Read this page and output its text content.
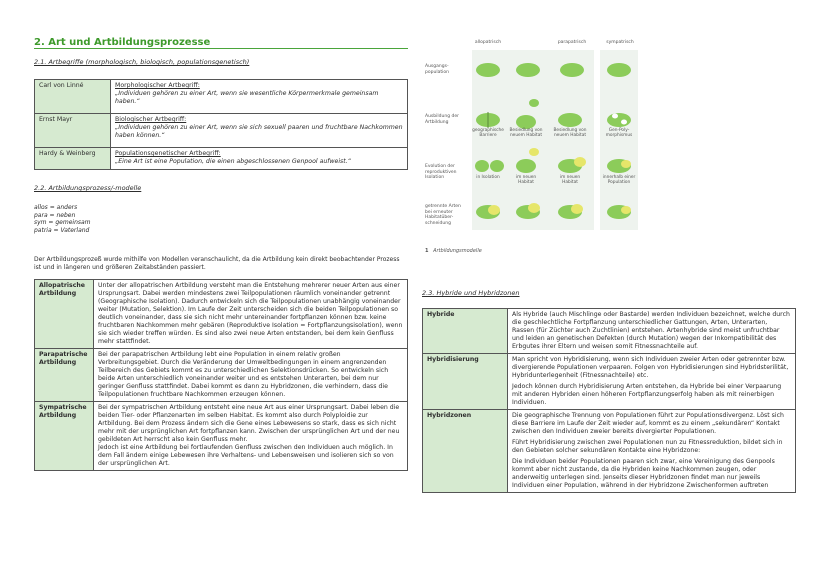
2. Art und Artbildungsprozesse
2.1. Artbegriffe (morphologisch, biologisch, populationsgenetisch)
Carl von Linné	Morphologischer Artbegriff:
„Individuen gehören zu einer Art, wenn sie wesentliche Körpermerkmale gemeinsam haben.“

Ernst Mayr	Biologischer Artbegriff:
„Individuen gehören zu einer Art, wenn sie sich sexuell paaren und fruchtbare Nachkommen haben können.“

Hardy & Weinberg	Populationsgenetischer Artbegriff:
„Eine Art ist eine Population, die einen abgeschlossenen Genpool aufweist.“
2.2. Artbildungsprozess/-modelle
allos = anders
para = neben
sym = gemeinsam
patria = Vaterland
Der Artbildungsprozeß wurde mithilfe von Modellen veranschaulicht, da die Artbildung kein direkt beobachtender Prozess ist und in längeren und größeren Zeitabständen passiert.
Allopatrische Artbildung	Unter der allopatrischen Artbildung versteht man die Entstehung mehrerer neuer Arten aus einer Ursprungsart. Dabei werden mindestens zwei Teilpopulationen räumlich voneinander getrennt (Geographische Isolation). Dadurch entwickeln sich die Teilpopulationen unabhängig voneinander weiter (Mutation, Selektion). Im Laufe der Zeit unterscheiden sich die beiden Teilpopulationen so deutlich voneinander, dass sie sich nicht mehr untereinander fortpflanzen können bzw. keine fruchtbaren Nachkommen mehr gebären (Reproduktive Isolation = Fortpflanzungsisolation), wenn sie sich wieder treffen würden. Es sind also zwei neue Arten entstanden, bei dem kein Genfluss mehr stattfindet.
Parapatrische Artbildung	Bei der parapatrischen Artbildung lebt eine Population in einem relativ großen Verbreitungsgebiet. Durch die Veränderung der Umweltbedingungen in einem angrenzenden Teilbereich des Gebiets kommt es zu unterschiedlichen Selektionsdrücken. So entwickeln sich beide Arten unterschiedlich voneinander weiter und es entstehen Unterarten, bei dem nur geringer Genfluss stattfindet. Dabei kommt es dann zu Hybridzonen, die verhindern, dass die Teilpopulationen fruchtbare Nachkommen erzeugen können.
Sympatrische Artbildung	Bei der sympatrischen Artbildung entsteht eine neue Art aus einer Ursprungsart. Dabei leben die beiden Tier- oder Pflanzenarten im selben Habitat. Es kommt also durch Polyploidie zur Artbildung. Bei dem Prozess ändern sich die Gene eines Lebewesens so stark, dass es sich nicht mehr mit der ursprünglichen Art fortpflanzen kann. Zwischen der ursprünglichen Art und der neu gebildeten Art herrscht also kein Genfluss mehr.
Jedoch ist eine Artbildung bei fortlaufenden Genfluss zwischen den Individuen auch möglich. In dem Fall ändern einige Lebewesen ihre Verhaltens- und Lebensweisen und isolieren sich so von der ursprünglichen Art.
allopatrisch	parapatrisch	sympatrisch
Ausgangs-population
Ausbildung der Artbildung
Evolution der reproduktiven Isolation
getrennte Arten bei erneuter Habitatüber-schneidung
geographische Barriere
Besiedlung von neuem Habitat
Besiedlung von neuem Habitat
Gen-Poly-morphismus
in Isolation	im neuen Habitat
im neuen Habitat
innerhalb einer Population
1 Artbildungsmodelle
2.3. Hybride und Hybridzonen
Hybride	Als Hybride (auch Mischlinge oder Bastarde) werden Individuen bezeichnet, welche durch die geschlechtliche Fortpflanzung unterschiedlicher Gattungen, Arten, Unterarten, Rassen (für Züchter auch Zuchtlinien) entstehen. Artenhybride sind meist unfruchtbar und leiden an genetischen Defekten (durch Mutation) wegen der Inkompatibilität des Erbgutes ihrer Eltern und weisen somit Fitnessnachteile auf.
Hybridisierung	Man spricht von Hybridisierung, wenn sich Individuen zweier Arten oder getrennter bzw. divergierende Populationen verpaaren. Folgen von Hybridisierungen sind Hybridsterilität, Hybridunterlegenheit (Fitnessnachteile) etc.
Jedoch können durch Hybridisierung Arten entstehen, da Hybride bei einer Verpaarung mit anderen Hybriden einen höheren Fortpflanzungserfolg haben als mit reinerbigen Individuen.

Hybridzonen	Die geographische Trennung von Populationen führt zur Populationsdivergenz. Löst sich diese Barriere im Laufe der Zeit wieder auf, kommt es zu einem „sekundären“ Kontakt zwischen den Individuen zweier bereits divergierter Populationen.
Führt Hybridisierung zwischen zwei Populationen nun zu Fitnessreduktion, bildet sich in den Gebieten solcher sekundären Kontakte eine Hybridzone:
Die Individuen beider Populationen paaren sich zwar, eine Vereinigung des Genpools kommt aber nicht zustande, da die Hybriden keine Nachkommen zeugen, oder anderweitig unterlegen sind. Jenseits dieser Hybridzonen findet man nur jeweils Individuen einer Population, während in der Hybridzone Zwischenformen auftreten
